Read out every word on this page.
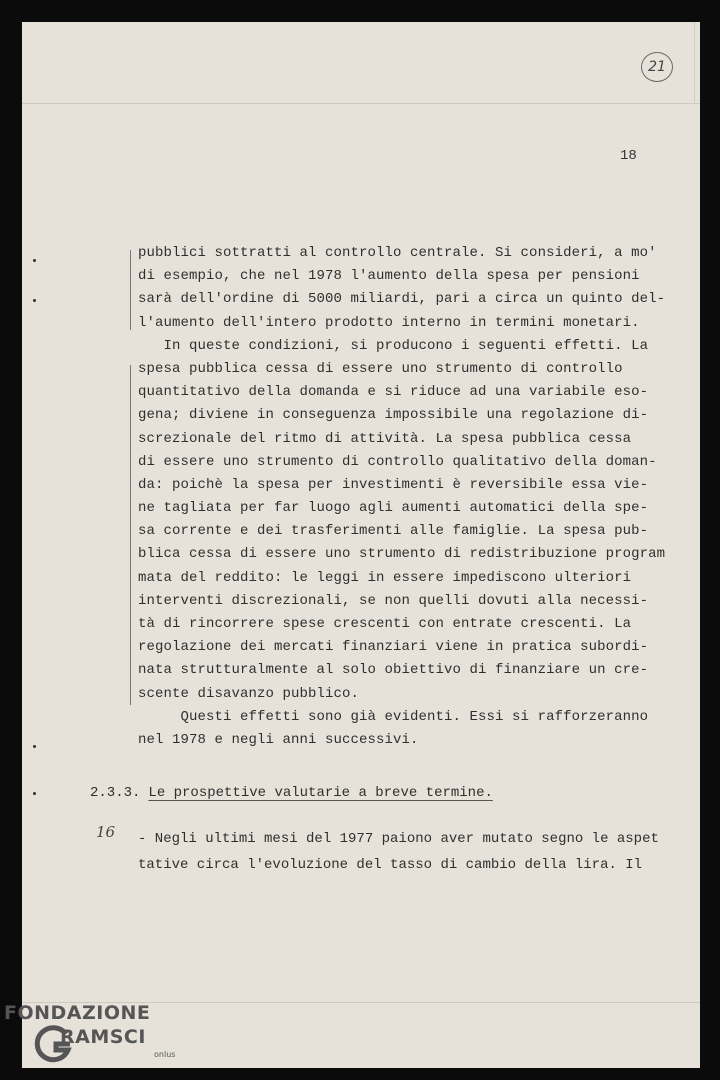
21
18
pubblici sottratti al controllo centrale. Si consideri, a mo'
di esempio, che nel 1978 l'aumento della spesa per pensioni
sarà dell'ordine di 5000 miliardi, pari a circa un quinto del-
l'aumento dell'intero prodotto interno in termini monetari.
In queste condizioni, si producono i seguenti effetti. La
spesa pubblica cessa di essere uno strumento di controllo
quantitativo della domanda e si riduce ad una variabile eso-
gena; diviene in conseguenza impossibile una regolazione di-
screzionale del ritmo di attività. La spesa pubblica cessa
di essere uno strumento di controllo qualitativo della doman-
da: poichè la spesa per investimenti è reversibile essa vie-
ne tagliata per far luogo agli aumenti automatici della spe-
sa corrente e dei trasferimenti alle famiglie. La spesa pub-
blica cessa di essere uno strumento di redistribuzione program
mata del reddito: le leggi in essere impediscono ulteriori
interventi discrezionali, se non quelli dovuti alla necessi-
tà di rincorrere spese crescenti con entrate crescenti. La
regolazione dei mercati finanziari viene in pratica subordi-
nata strutturalmente al solo obiettivo di finanziare un cre-
scente disavanzo pubblico.
Questi effetti sono già evidenti. Essi si rafforzeranno
nel 1978 e negli anni successivi.
2.3.3. Le prospettive valutarie a breve termine.
16 - Negli ultimi mesi del 1977 paiono aver mutato segno le aspet
tative circa l'evoluzione del tasso di cambio della lira. Il
FONDAZIONE
RAMSCI
onlus
